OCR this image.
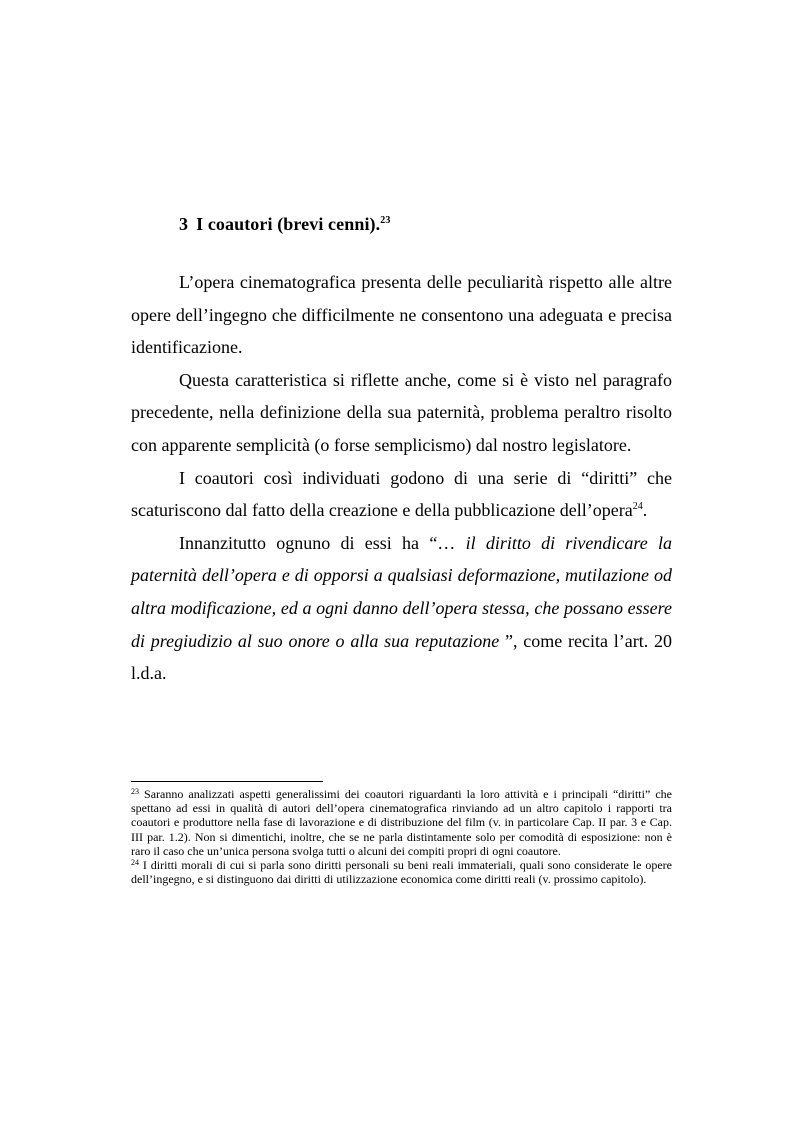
3 I coautori (brevi cenni).$^{23}$

L’opera cinematografica presenta delle peculiarità rispetto alle altre opere dell’ingegno che difficilmente ne consentono una adeguata e precisa identificazione.

Questa caratteristica si riflette anche, come si è visto nel paragrafo precedente, nella definizione della sua paternità, problema peraltro risolto con apparente semplicità (o forse semplicismo) dal nostro legislatore.

I coautori così individuati godono di una serie di “diritti” che scaturiscono dal fatto della creazione e della pubblicazione dell’opera$^{24}$.

Innanzitutto ognuno di essi ha “… il diritto di rivendicare la paternità dell’opera e di opporsi a qualsiasi deformazione, mutilazione od altra modificazione, ed a ogni danno dell’opera stessa, che possano essere di pregiudizio al suo onore o alla sua reputazione ”, come recita l’art. 20 l.d.a.

$^{23}$ Saranno analizzati aspetti generalissimi dei coautori riguardanti la loro attività e i principali “diritti” che spettano ad essi in qualità di autori dell’opera cinematografica rinviando ad un altro capitolo i rapporti tra coautori e produttore nella fase di lavorazione e di distribuzione del film (v. in particolare Cap. II par. 3 e Cap. III par. 1.2). Non si dimentichi, inoltre, che se ne parla distintamente solo per comodità di esposizione: non è raro il caso che un’unica persona svolga tutti o alcuni dei compiti propri di ogni coautore.

$^{24}$ I diritti morali di cui si parla sono diritti personali su beni reali immateriali, quali sono considerate le opere dell’ingegno, e si distinguono dai diritti di utilizzazione economica come diritti reali (v. prossimo capitolo).
